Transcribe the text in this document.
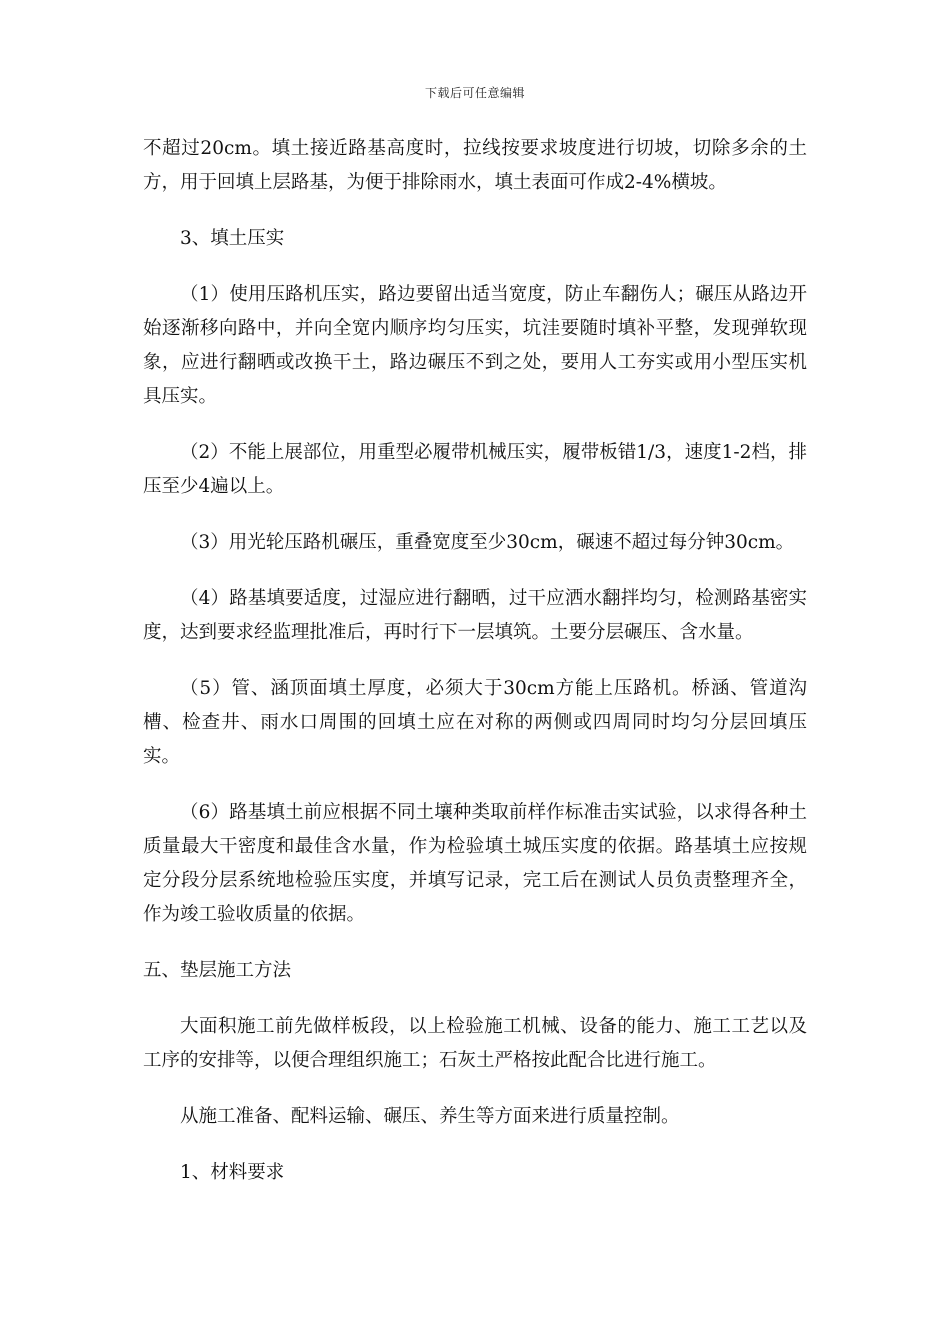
下载后可任意编辑

不超过20cm。填土接近路基高度时，拉线按要求坡度进行切坡，切除多余的土方，用于回填上层路基，为便于排除雨水，填土表面可作成2-4%横坡。

3、填土压实

（1）使用压路机压实，路边要留出适当宽度，防止车翻伤人；碾压从路边开始逐渐移向路中，并向全宽内顺序均匀压实，坑洼要随时填补平整，发现弹软现象，应进行翻晒或改换干土，路边碾压不到之处，要用人工夯实或用小型压实机具压实。

（2）不能上展部位，用重型必履带机械压实，履带板错1/3，速度1-2档，排压至少4遍以上。

（3）用光轮压路机碾压，重叠宽度至少30cm，碾速不超过每分钟30cm。

（4）路基填要适度，过湿应进行翻晒，过干应洒水翻拌均匀，检测路基密实度，达到要求经监理批准后，再时行下一层填筑。土要分层碾压、含水量。

（5）管、涵顶面填土厚度，必须大于30cm方能上压路机。桥涵、管道沟槽、检查井、雨水口周围的回填土应在对称的两侧或四周同时均匀分层回填压实。

（6）路基填土前应根据不同土壤种类取前样作标准击实试验，以求得各种土质量最大干密度和最佳含水量，作为检验填土城压实度的依据。路基填土应按规定分段分层系统地检验压实度，并填写记录，完工后在测试人员负责整理齐全，作为竣工验收质量的依据。

五、垫层施工方法

大面积施工前先做样板段，以上检验施工机械、设备的能力、施工工艺以及工序的安排等，以便合理组织施工；石灰土严格按此配合比进行施工。

从施工准备、配料运输、碾压、养生等方面来进行质量控制。

1、材料要求
